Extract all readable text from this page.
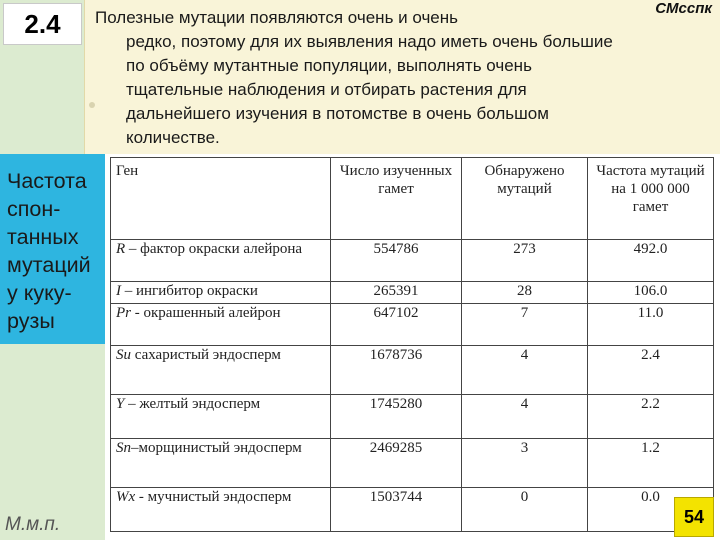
СМсспк
Полезные мутации появляются очень и очень
редко, поэтому для их выявления надо иметь очень большие
по объёму мутантные популяции, выполнять очень
тщательные наблюдения и отбирать растения для
дальнейшего изучения в потомстве в очень большом
количестве.
2.4
Частота
спон-
танных
мутаций
у куку-
рузы
Ген	Число изученных гамет	Обнаружено мутаций	Частота мутаций на 1 000 000 гамет
R – фактор окраски алейрона	554786	273	492.0
I – ингибитор окраски	265391	28	106.0
Pr - окрашенный алейрон	647102	7	11.0
Su сахаристый эндосперм	1678736	4	2.4
Y – желтый эндосперм	1745280	4	2.2
Sn–морщинистый эндосперм	2469285	3	1.2
Wx - мучнистый эндосперм	1503744	0	0.0
М.м.п.	54
